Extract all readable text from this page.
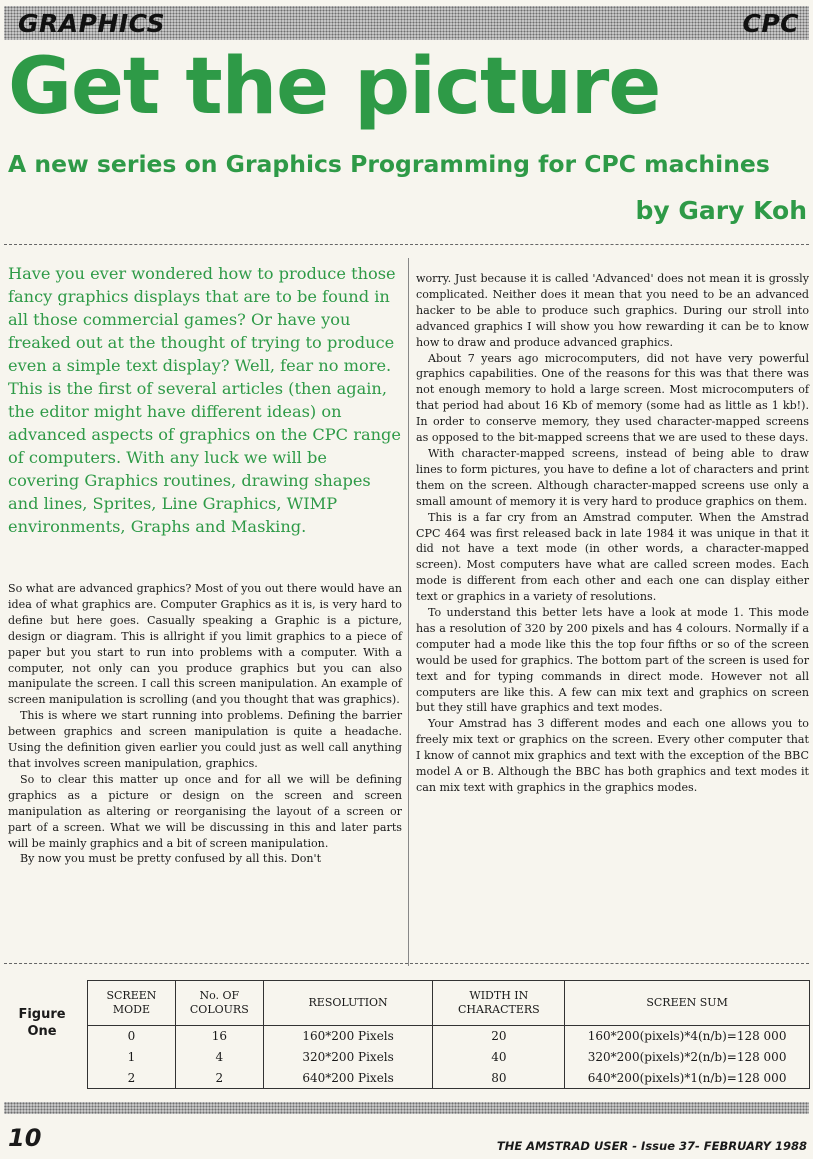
GRAPHICS	CPC
Get the picture
A new series on Graphics Programming for CPC machines
by Gary Koh
Have you ever wondered how to produce those fancy graphics displays that are to be found in all those commercial games? Or have you freaked out at the thought of trying to produce even a simple text display? Well, fear no more. This is the first of several articles (then again, the editor might have different ideas) on advanced aspects of graphics on the CPC range of computers. With any luck we will be covering Graphics routines, drawing shapes and lines, Sprites, Line Graphics, WIMP environments, Graphs and Masking.

So what are advanced graphics? Most of you out there would have an idea of what graphics are. Computer Graphics as it is, is very hard to define but here goes. Casually speaking a Graphic is a picture, design or diagram. This is allright if you limit graphics to a piece of paper but you start to run into problems with a computer. With a computer, not only can you produce graphics but you can also manipulate the screen. I call this screen manipulation. An example of screen manipulation is scrolling (and you thought that was graphics).

This is where we start running into problems. Defining the barrier between graphics and screen manipulation is quite a headache. Using the definition given earlier you could just as well call anything that involves screen manipulation, graphics.

So to clear this matter up once and for all we will be defining graphics as a picture or design on the screen and screen manipulation as altering or reorganising the layout of a screen or part of a screen. What we will be discussing in this and later parts will be mainly graphics and a bit of screen manipulation.

By now you must be pretty confused by all this. Don't

worry. Just because it is called 'Advanced' does not mean it is grossly complicated. Neither does it mean that you need to be an advanced hacker to be able to produce such graphics. During our stroll into advanced graphics I will show you how rewarding it can be to know how to draw and produce advanced graphics.

About 7 years ago microcomputers, did not have very powerful graphics capabilities. One of the reasons for this was that there was not enough memory to hold a large screen. Most microcomputers of that period had about 16 Kb of memory (some had as little as 1 kb!). In order to conserve memory, they used character-mapped screens as opposed to the bit-mapped screens that we are used to these days.

With character-mapped screens, instead of being able to draw lines to form pictures, you have to define a lot of characters and print them on the screen. Although character-mapped screens use only a small amount of memory it is very hard to produce graphics on them.

This is a far cry from an Amstrad computer. When the Amstrad CPC 464 was first released back in late 1984 it was unique in that it did not have a text mode (in other words, a character-mapped screen). Most computers have what are called screen modes. Each mode is different from each other and each one can display either text or graphics in a variety of resolutions.

To understand this better lets have a look at mode 1. This mode has a resolution of 320 by 200 pixels and has 4 colours. Normally if a computer had a mode like this the top four fifths or so of the screen would be used for graphics. The bottom part of the screen is used for text and for typing commands in direct mode. However not all computers are like this. A few can mix text and graphics on screen but they still have graphics and text modes.

Your Amstrad has 3 different modes and each one allows you to freely mix text or graphics on the screen. Every other computer that I know of cannot mix graphics and text with the exception of the BBC model A or B. Although the BBC has both graphics and text modes it can mix text with graphics in the graphics modes.

Figure
One
SCREEN MODE	No. OF COLOURS	RESOLUTION	WIDTH IN CHARACTERS	SCREEN SUM
0	16	160*200 Pixels	20	160*200(pixels)*4(n/b)=128 000
1	4	320*200 Pixels	40	320*200(pixels)*2(n/b)=128 000
2	2	640*200 Pixels	80	640*200(pixels)*1(n/b)=128 000
10	THE AMSTRAD USER - Issue 37- FEBRUARY 1988
